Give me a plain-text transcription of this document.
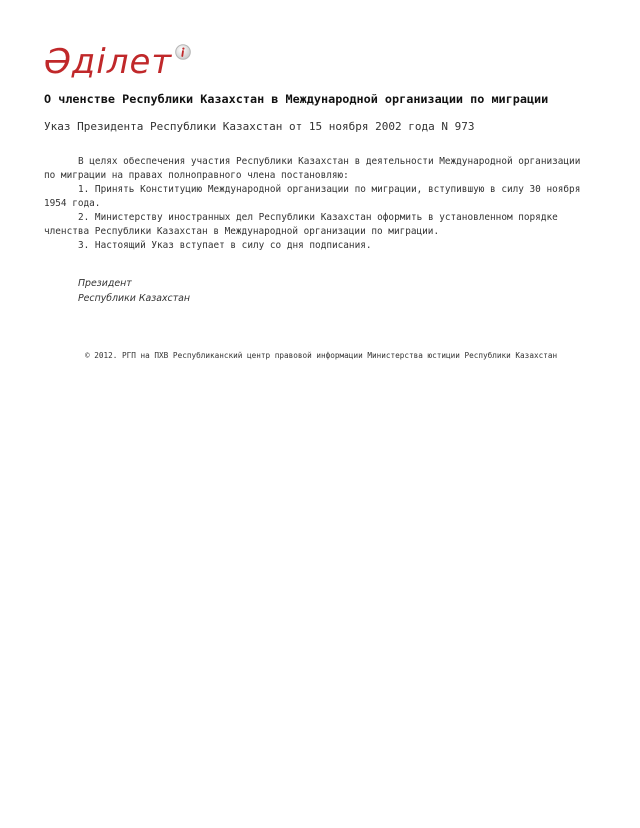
Әділет
О членстве Республики Казахстан в Международной организации по миграции
Указ Президента Республики Казахстан от 15 ноября 2002 года N 973

В целях обеспечения участия Республики Казахстан в деятельности Международной организации по миграции на правах полноправного члена постановляю:

1. Принять Конституцию Международной организации по миграции, вступившую в силу 30 ноября 1954 года.

2. Министерству иностранных дел Республики Казахстан оформить в установленном порядке членства Республики Казахстан в Международной организации по миграции.

3. Настоящий Указ вступает в силу со дня подписания.

Президент
Республики Казахстан
© 2012. РГП на ПХВ Республиканский центр правовой информации Министерства юстиции Республики Казахстан
